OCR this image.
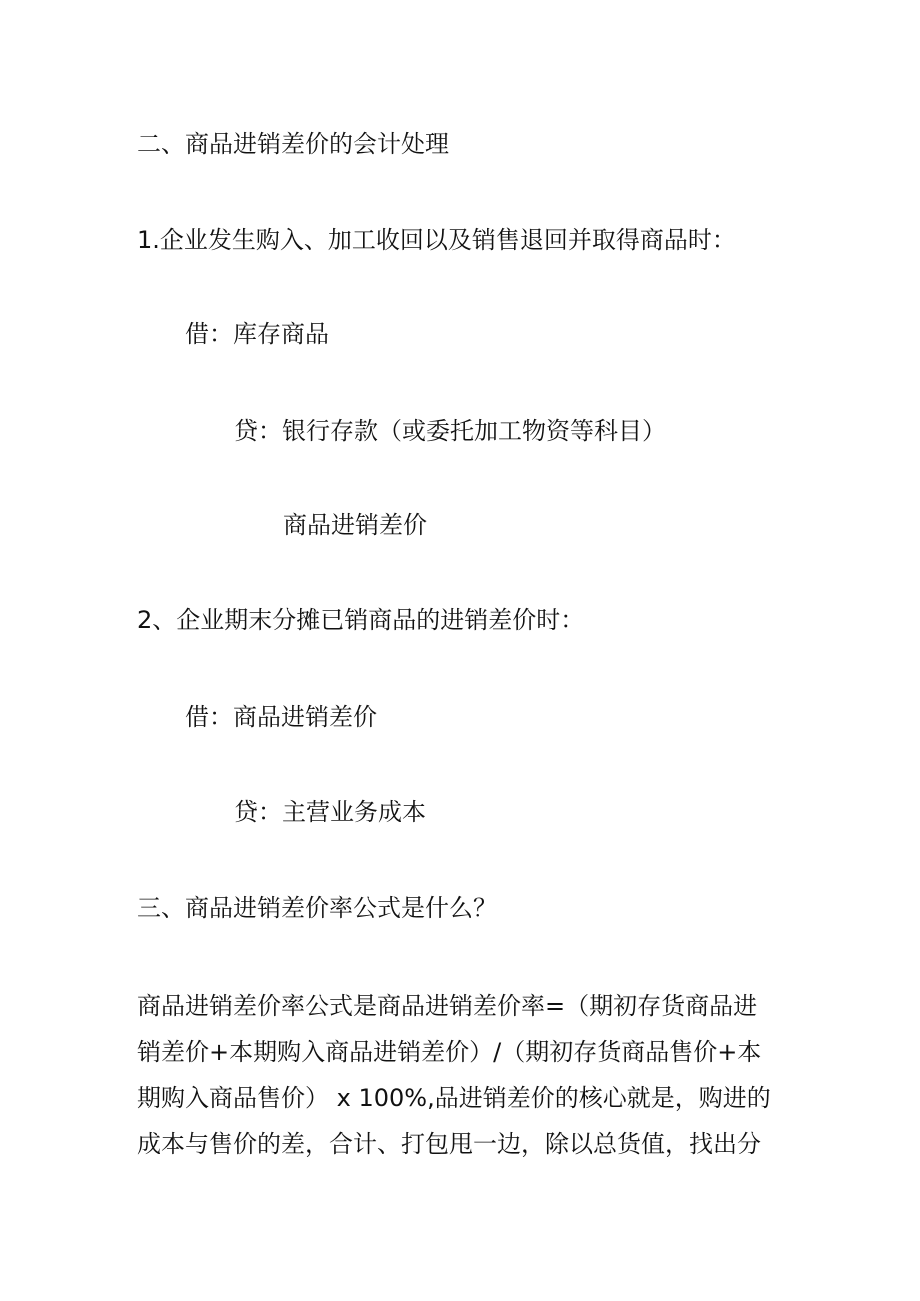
二、商品进销差价的会计处理
1.企业发生购入、加工收回以及销售退回并取得商品时：
借：库存商品
贷：银行存款（或委托加工物资等科目）
商品进销差价
2、企业期末分摊已销商品的进销差价时：
借：商品进销差价
贷：主营业务成本
三、商品进销差价率公式是什么？
商品进销差价率公式是商品进销差价率=（期初存货商品进
销差价+本期购入商品进销差价）/（期初存货商品售价+本
期购入商品售价） x 100%,品进销差价的核心就是，购进的
成本与售价的差，合计、打包甩一边，除以总货值，找出分
